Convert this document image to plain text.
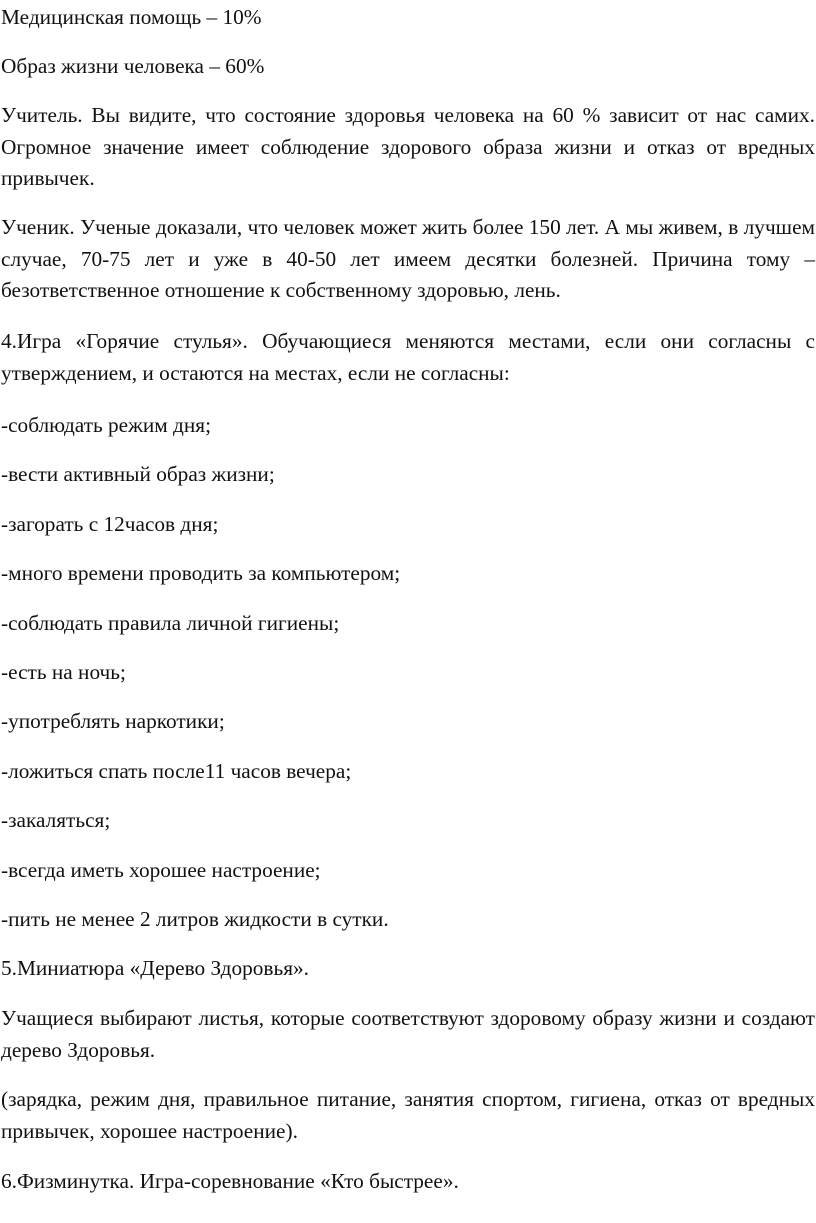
Медицинская помощь – 10%

Образ жизни человека – 60%

Учитель. Вы видите, что состояние здоровья человека на 60 % зависит от нас самих. Огромное значение имеет соблюдение здорового образа жизни и отказ от вредных привычек.

Ученик. Ученые доказали, что человек может жить более 150 лет. А мы живем, в лучшем случае, 70-75 лет и уже в 40-50 лет имеем десятки болезней. Причина тому – безответственное отношение к собственному здоровью, лень.

4.Игра «Горячие стулья». Обучающиеся меняются местами, если они согласны с утверждением, и остаются на местах, если не согласны:

-соблюдать режим дня;

-вести активный образ жизни;

-загорать с 12часов дня;

-много времени проводить за компьютером;

-соблюдать правила личной гигиены;

-есть на ночь;

-употреблять наркотики;

-ложиться спать после11 часов вечера;

-закаляться;

-всегда иметь хорошее настроение;

-пить не менее 2 литров жидкости в сутки.

5.Миниатюра «Дерево Здоровья».

Учащиеся выбирают листья, которые соответствуют здоровому образу жизни и создают дерево Здоровья.

(зарядка, режим дня, правильное питание, занятия спортом, гигиена, отказ от вредных привычек, хорошее настроение).

6.Физминутка. Игра-соревнование «Кто быстрее».
